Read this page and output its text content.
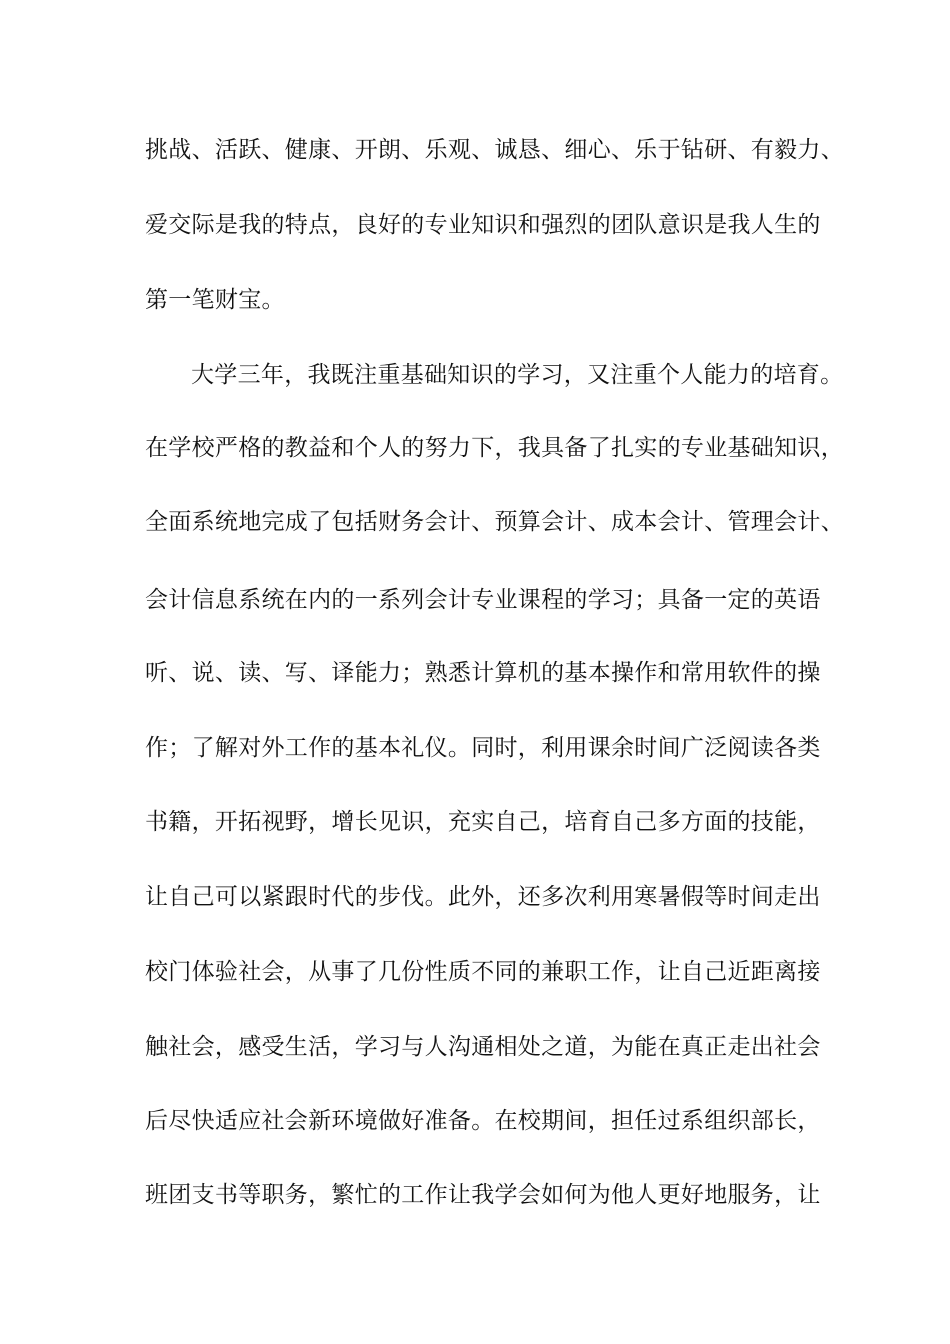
挑战、活跃、健康、开朗、乐观、诚恳、细心、乐于钻研、有毅力、
爱交际是我的特点，良好的专业知识和强烈的团队意识是我人生的
第一笔财宝。
大学三年，我既注重基础知识的学习，又注重个人能力的培育。
在学校严格的教益和个人的努力下，我具备了扎实的专业基础知识，
全面系统地完成了包括财务会计、预算会计、成本会计、管理会计、
会计信息系统在内的一系列会计专业课程的学习；具备一定的英语
听、说、读、写、译能力；熟悉计算机的基本操作和常用软件的操
作；了解对外工作的基本礼仪。同时，利用课余时间广泛阅读各类
书籍，开拓视野，增长见识，充实自己，培育自己多方面的技能，
让自己可以紧跟时代的步伐。此外，还多次利用寒暑假等时间走出
校门体验社会，从事了几份性质不同的兼职工作，让自己近距离接
触社会，感受生活，学习与人沟通相处之道，为能在真正走出社会
后尽快适应社会新环境做好准备。在校期间，担任过系组织部长，
班团支书等职务，繁忙的工作让我学会如何为他人更好地服务，让
